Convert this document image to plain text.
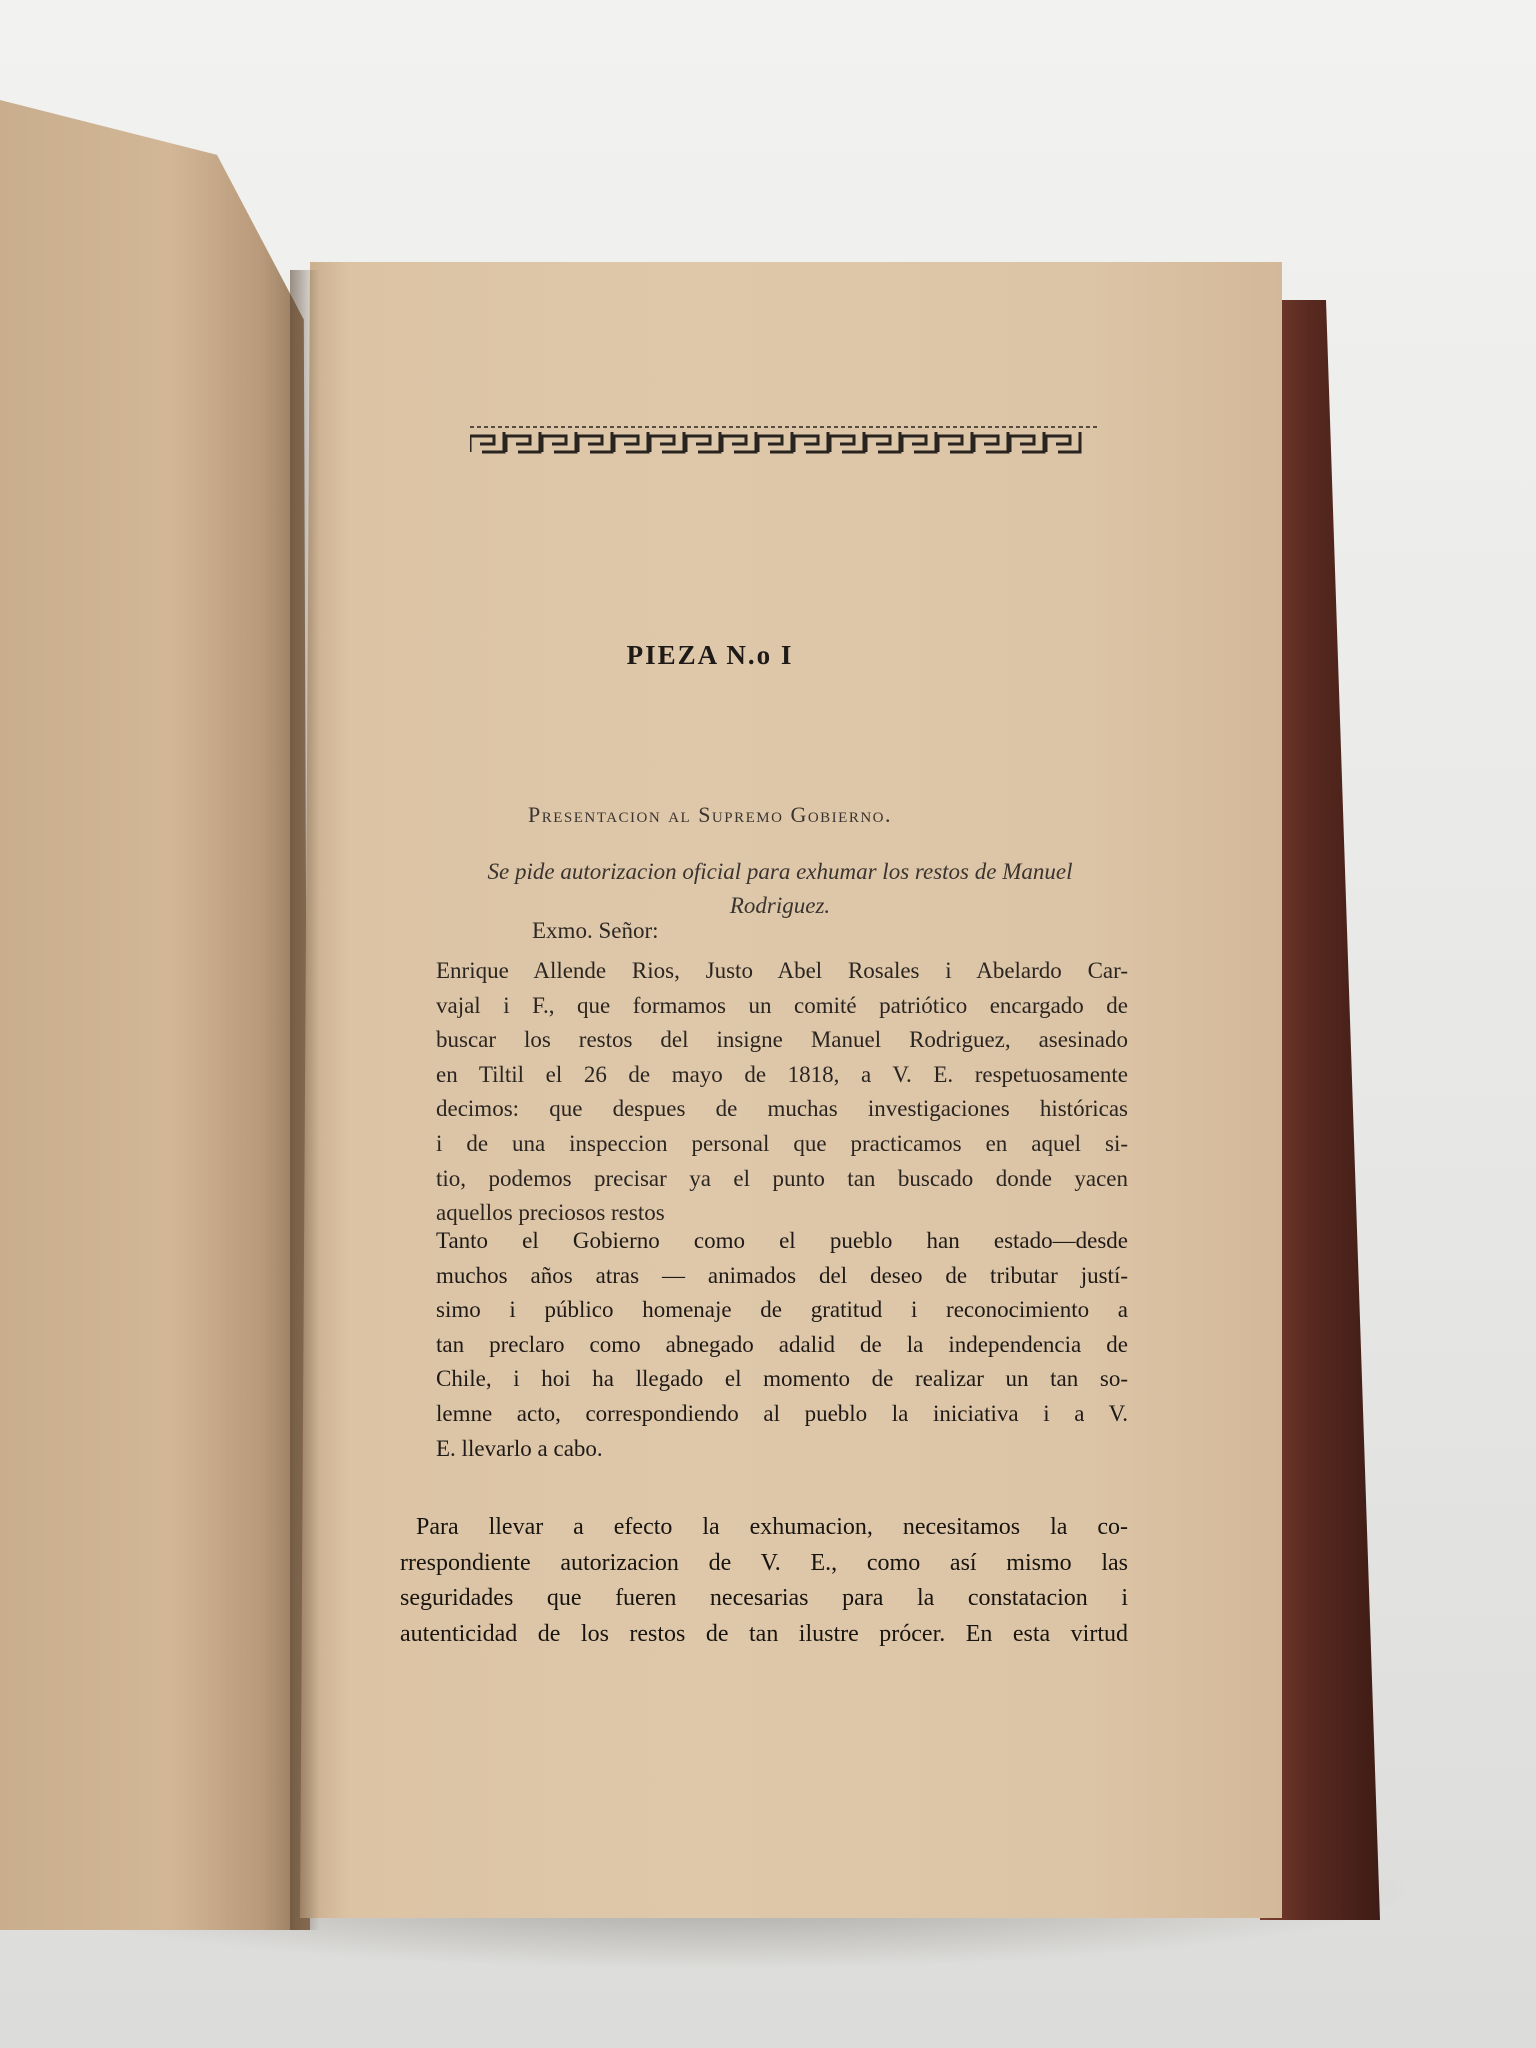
PIEZA N.o I
Presentacion al Supremo Gobierno.
Se pide autorizacion oficial para exhumar los restos de Manuel
Rodriguez.
Exmo. Señor:
Enrique Allende Rios, Justo Abel Rosales i Abelardo Car-
vajal i F., que formamos un comité patriótico encargado de
buscar los restos del insigne Manuel Rodriguez, asesinado
en Tiltil el 26 de mayo de 1818, a V. E. respetuosamente
decimos: que despues de muchas investigaciones históricas
i de una inspeccion personal que practicamos en aquel si-
tio, podemos precisar ya el punto tan buscado donde yacen
aquellos preciosos restos
Tanto el Gobierno como el pueblo han estado—desde
muchos años atras — animados del deseo de tributar justí-
simo i público homenaje de gratitud i reconocimiento a
tan preclaro como abnegado adalid de la independencia de
Chile, i hoi ha llegado el momento de realizar un tan so-
lemne acto, correspondiendo al pueblo la iniciativa i a V.
E. llevarlo a cabo.
Para llevar a efecto la exhumacion, necesitamos la co-
rrespondiente autorizacion de V. E., como así mismo las
seguridades que fueren necesarias para la constatacion i
autenticidad de los restos de tan ilustre prócer. En esta virtud
